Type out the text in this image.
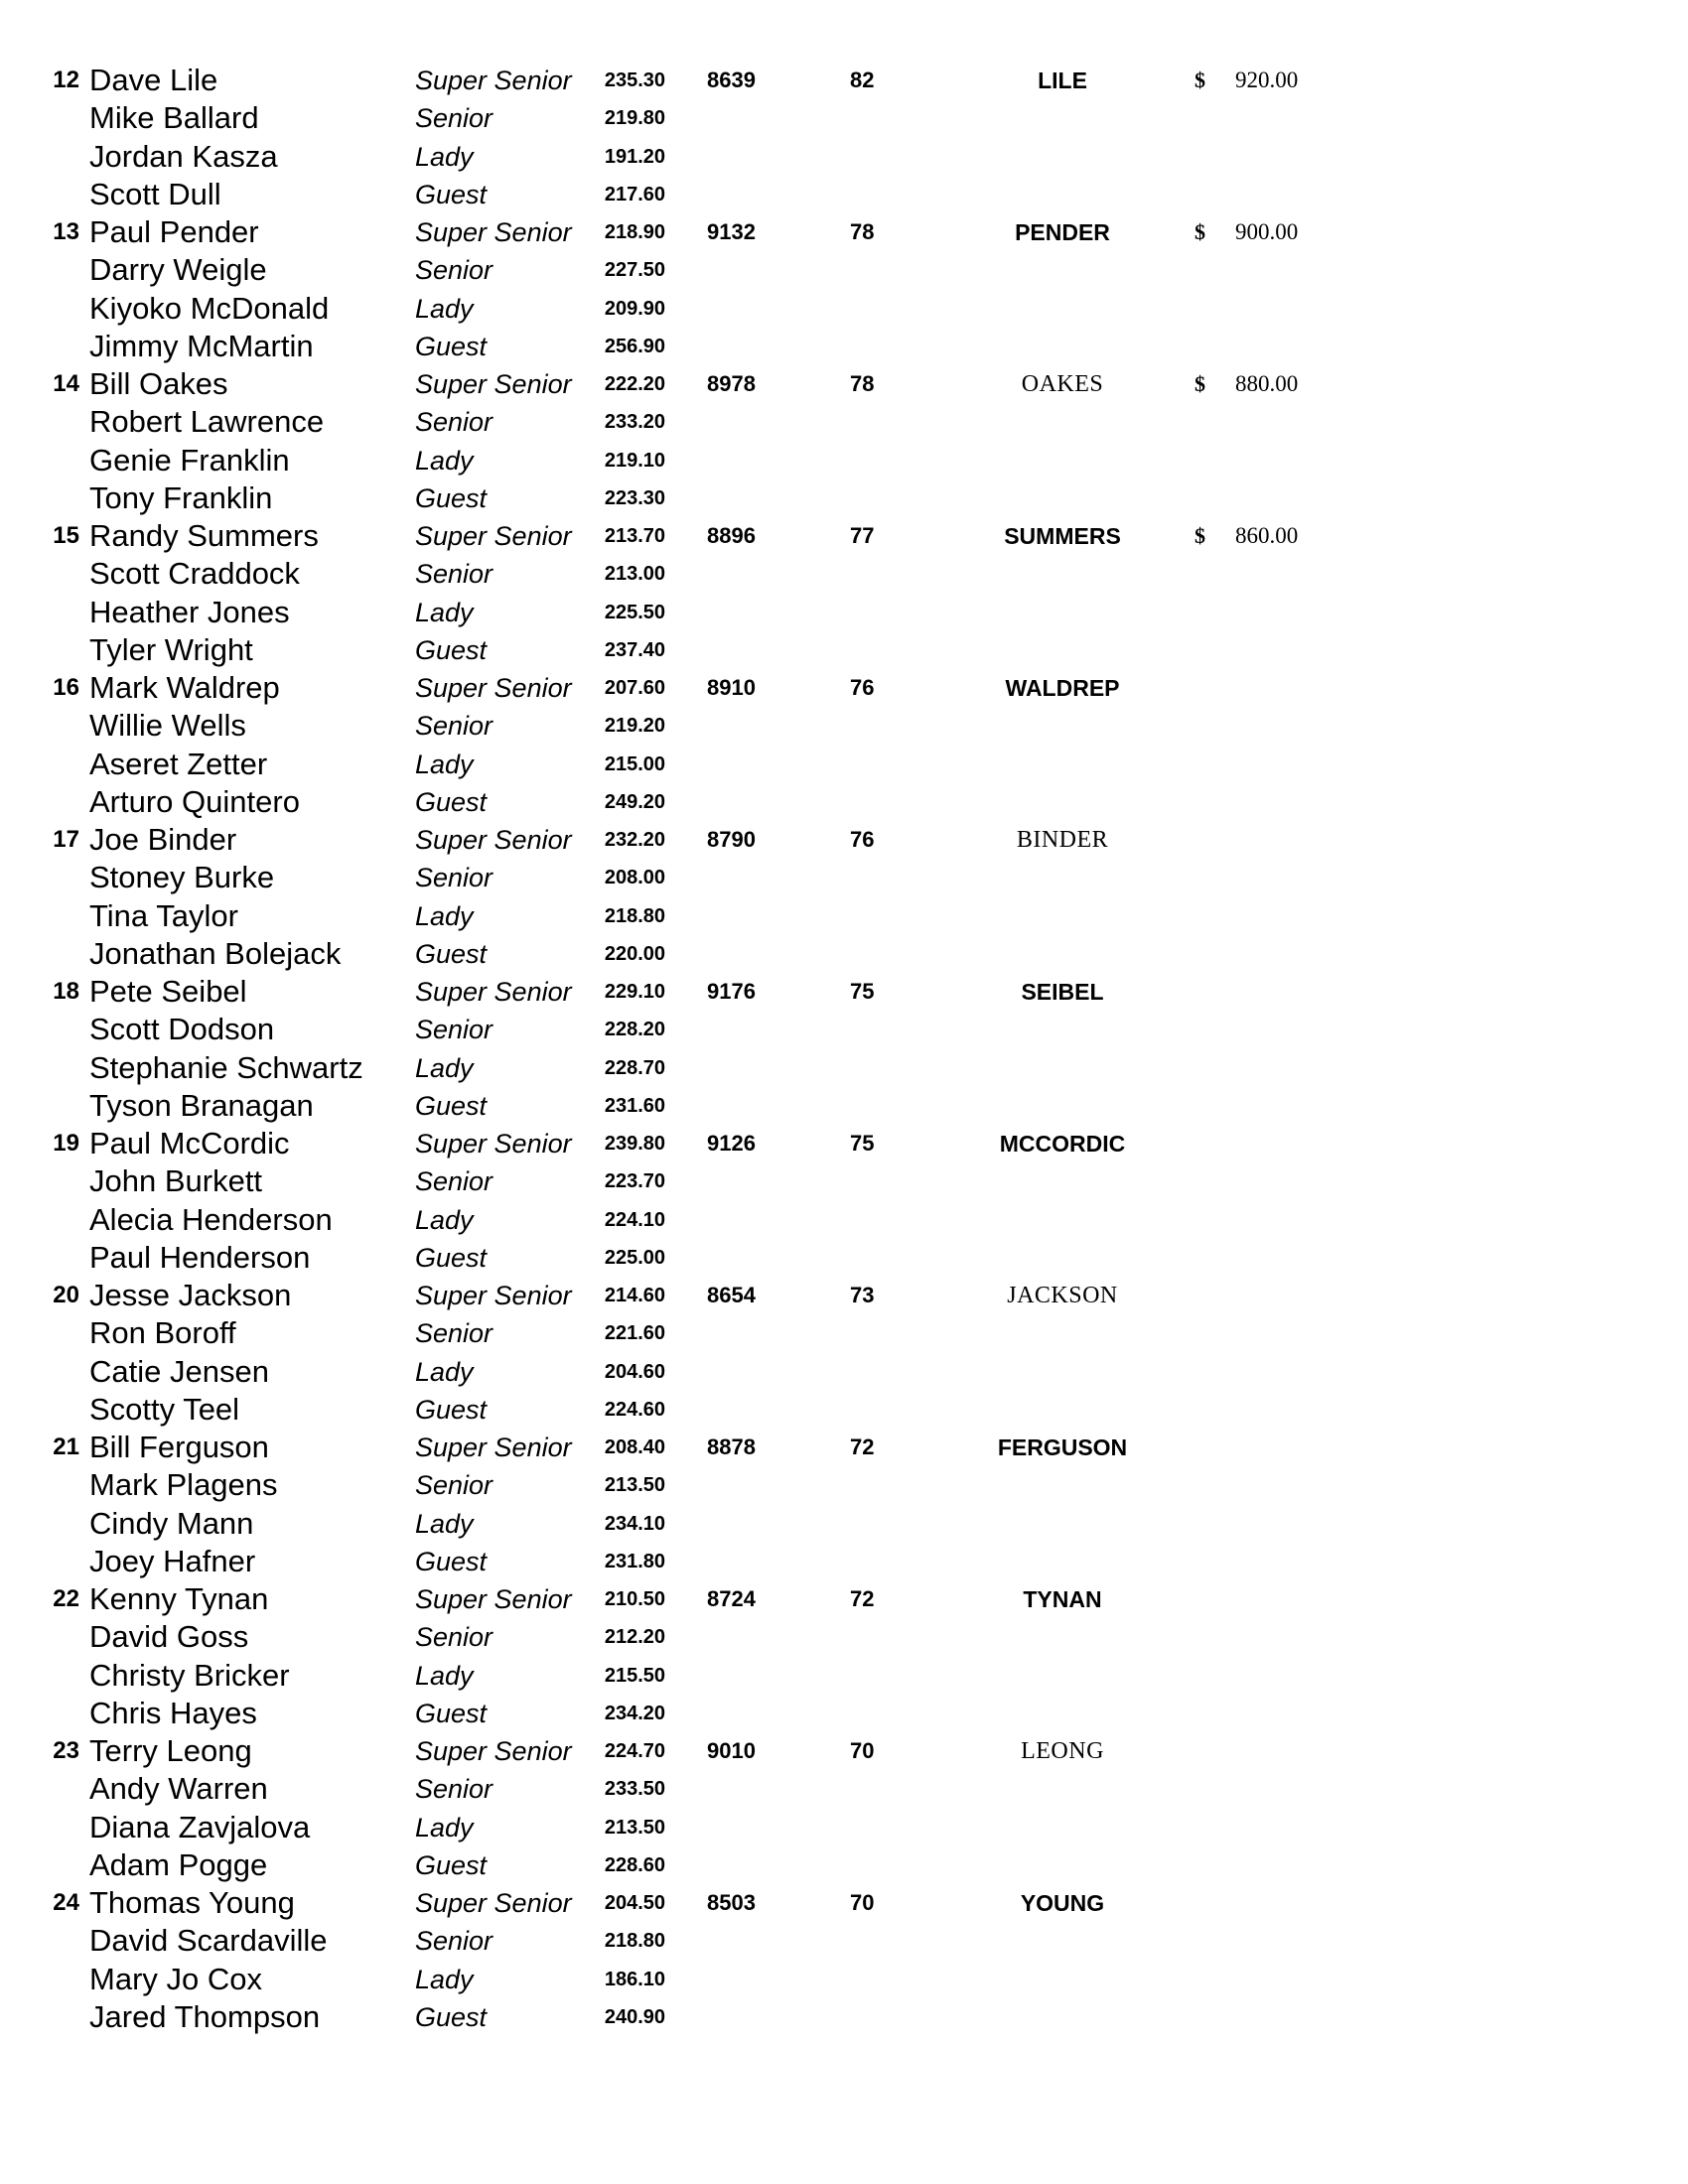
12 Dave Lile	Super Senior	235.30 8639	82	LILE	$ 920.00
Mike Ballard	Senior	219.80
Jordan Kasza	Lady	191.20
Scott Dull	Guest	217.60
13 Paul Pender	Super Senior	218.90 9132	78	PENDER	$ 900.00
Darry Weigle	Senior	227.50
Kiyoko McDonald	Lady	209.90
Jimmy McMartin	Guest	256.90
14 Bill Oakes	Super Senior	222.20 8978	78	OAKES	$ 880.00
Robert Lawrence	Senior	233.20
Genie Franklin	Lady	219.10
Tony Franklin	Guest	223.30
15 Randy Summers	Super Senior	213.70 8896	77	SUMMERS	$ 860.00
Scott Craddock	Senior	213.00
Heather Jones	Lady	225.50
Tyler Wright	Guest	237.40
16 Mark Waldrep	Super Senior	207.60 8910	76	WALDREP
Willie Wells	Senior	219.20
Aseret Zetter	Lady	215.00
Arturo Quintero	Guest	249.20
17 Joe Binder	Super Senior	232.20 8790	76	BINDER
Stoney Burke	Senior	208.00
Tina Taylor	Lady	218.80
Jonathan Bolejack	Guest	220.00
18 Pete Seibel	Super Senior	229.10 9176	75	SEIBEL
Scott Dodson	Senior	228.20
Stephanie Schwartz Lady	228.70
Tyson Branagan	Guest	231.60
19 Paul McCordic	Super Senior	239.80 9126	75	MCCORDIC
John Burkett	Senior	223.70
Alecia Henderson	Lady	224.10
Paul Henderson	Guest	225.00
20 Jesse Jackson	Super Senior	214.60 8654	73	JACKSON
Ron Boroff	Senior	221.60
Catie Jensen	Lady	204.60
Scotty Teel	Guest	224.60
21 Bill Ferguson	Super Senior	208.40 8878	72	FERGUSON
Mark Plagens	Senior	213.50
Cindy Mann	Lady	234.10
Joey Hafner	Guest	231.80
22 Kenny Tynan	Super Senior	210.50 8724	72	TYNAN
David Goss	Senior	212.20
Christy Bricker	Lady	215.50
Chris Hayes	Guest	234.20
23 Terry Leong	Super Senior	224.70 9010	70	LEONG
Andy Warren	Senior	233.50
Diana Zavjalova	Lady	213.50
Adam Pogge	Guest	228.60
24 Thomas Young	Super Senior	204.50 8503	70	YOUNG
David Scardaville	Senior	218.80
Mary Jo Cox	Lady	186.10
Jared Thompson	Guest	240.90
